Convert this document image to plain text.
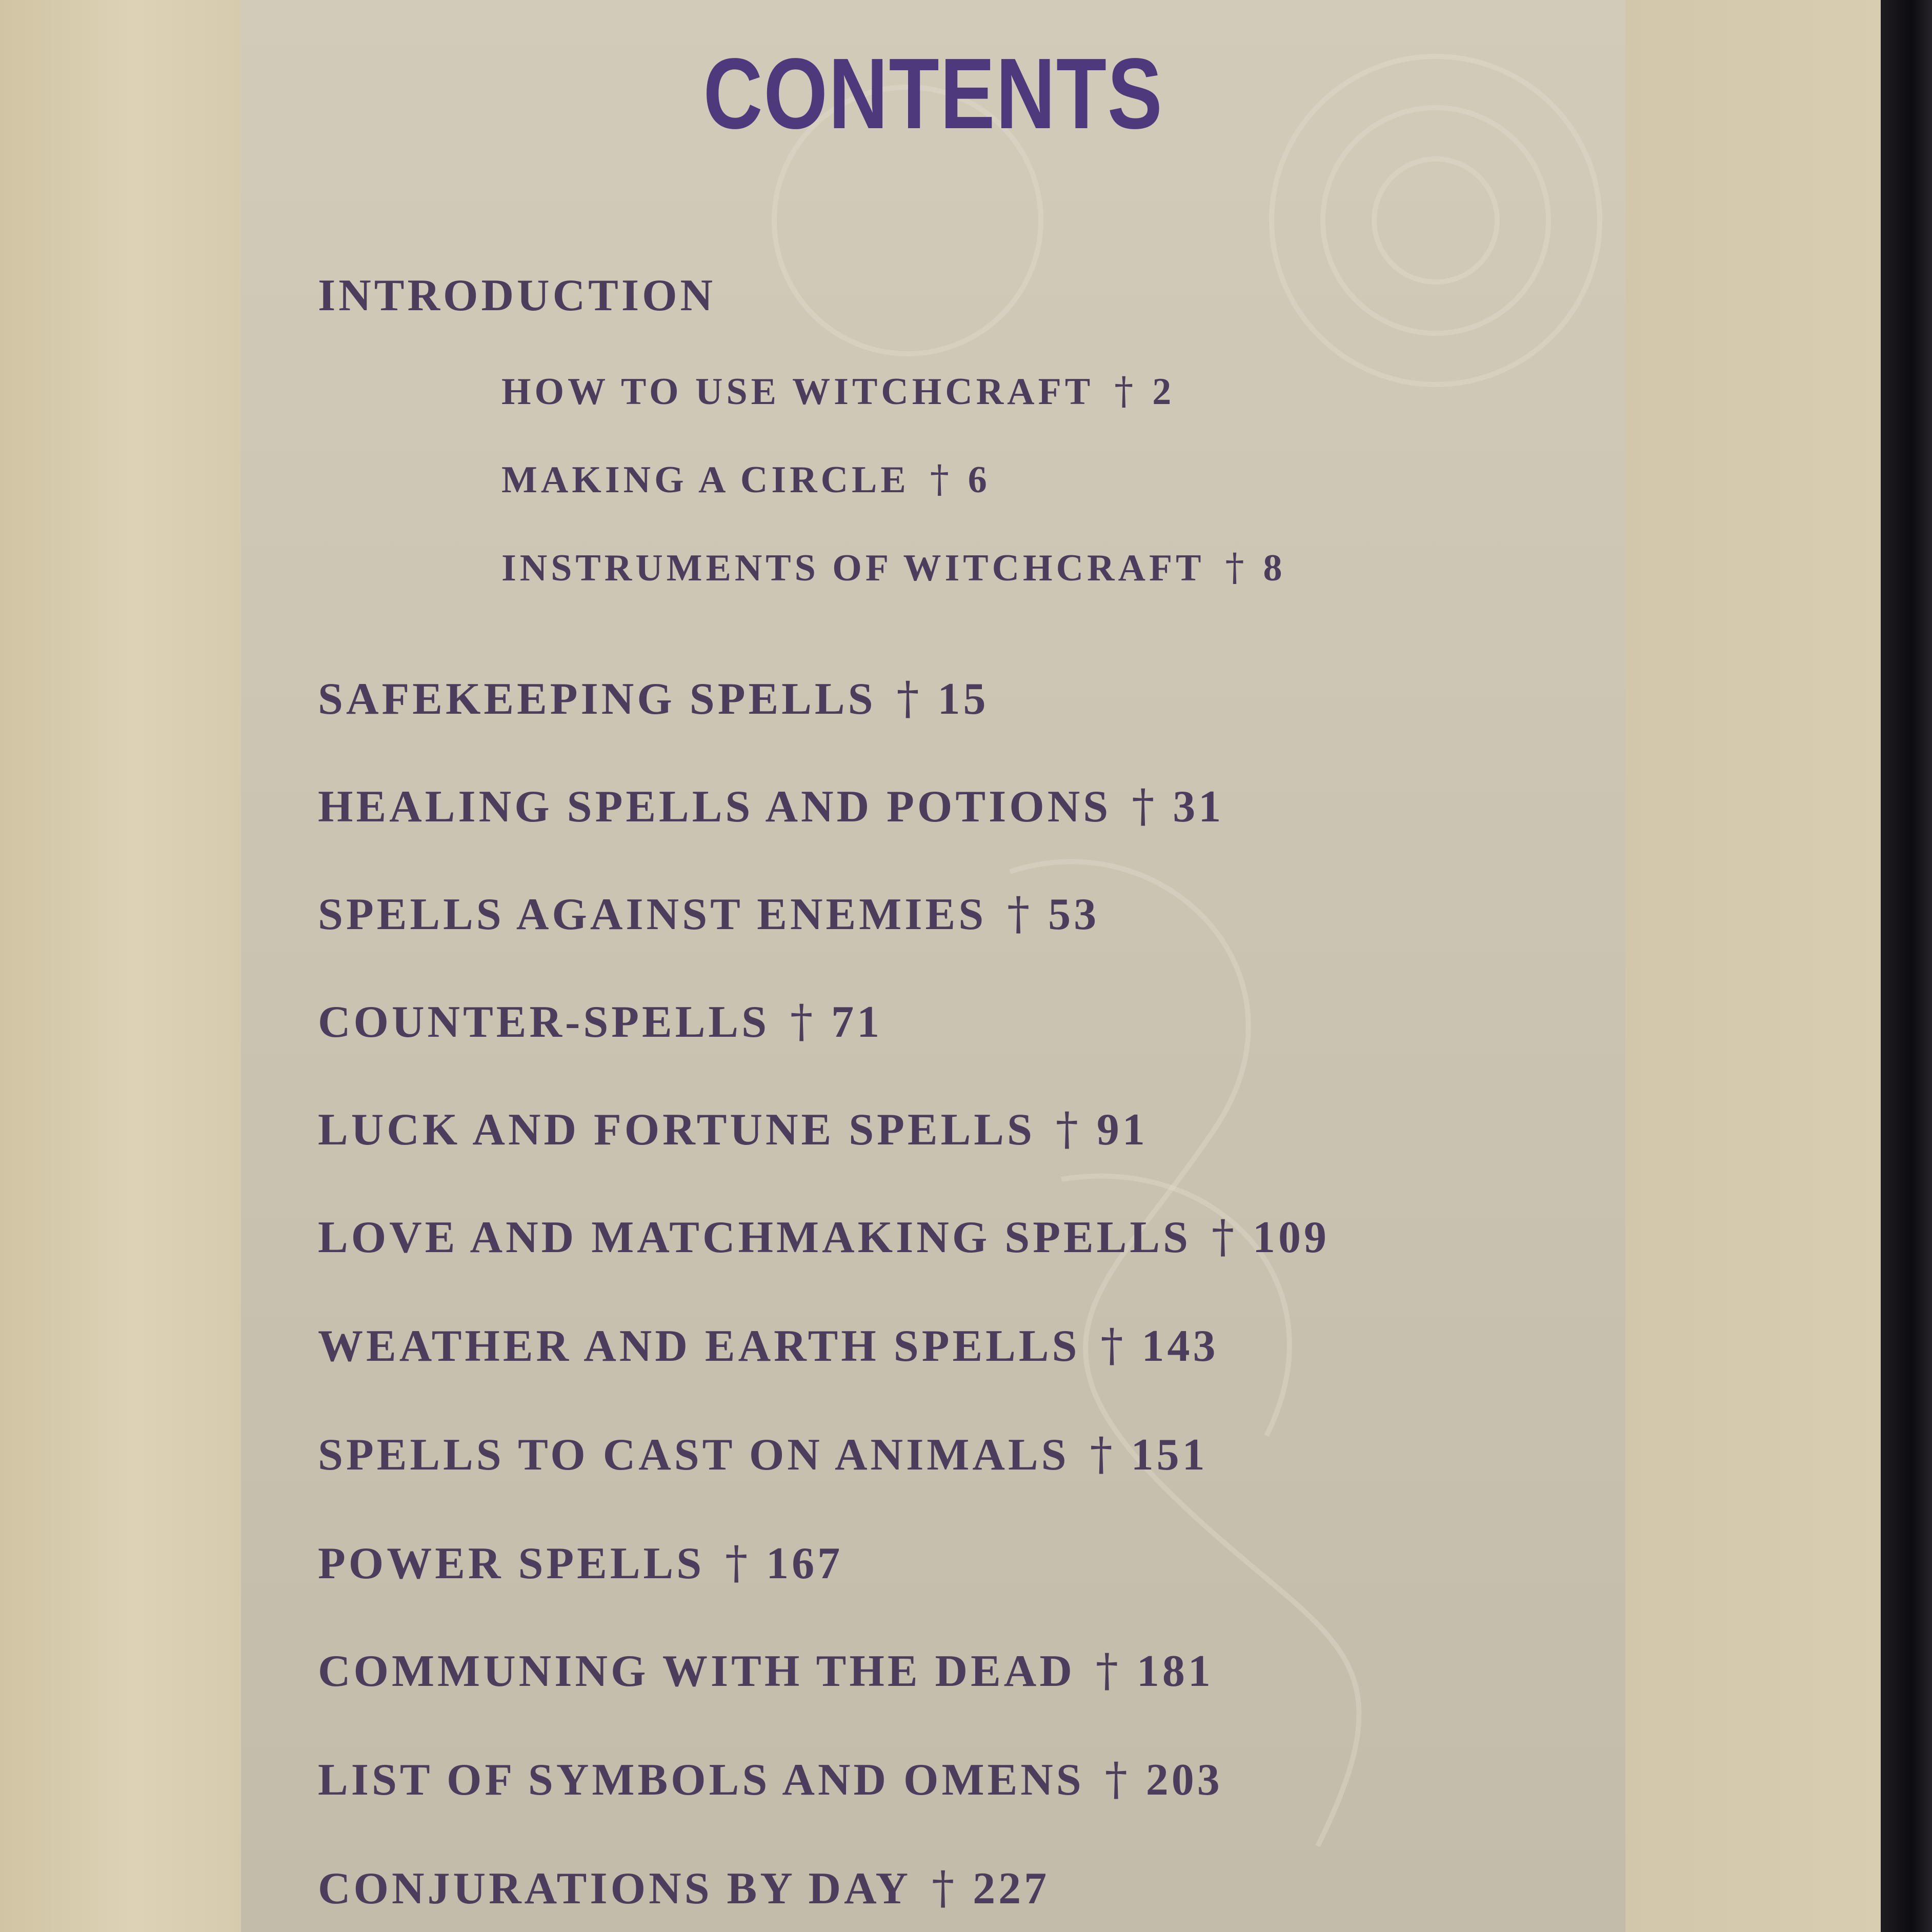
CONTENTS
INTRODUCTION
HOW TO USE WITCHCRAFT † 2
MAKING A CIRCLE † 6
INSTRUMENTS OF WITCHCRAFT † 8
SAFEKEEPING SPELLS † 15
HEALING SPELLS AND POTIONS † 31
SPELLS AGAINST ENEMIES † 53
COUNTER-SPELLS † 71
LUCK AND FORTUNE SPELLS † 91
LOVE AND MATCHMAKING SPELLS † 109
WEATHER AND EARTH SPELLS † 143
SPELLS TO CAST ON ANIMALS † 151
POWER SPELLS † 167
COMMUNING WITH THE DEAD † 181
LIST OF SYMBOLS AND OMENS † 203
CONJURATIONS BY DAY † 227
